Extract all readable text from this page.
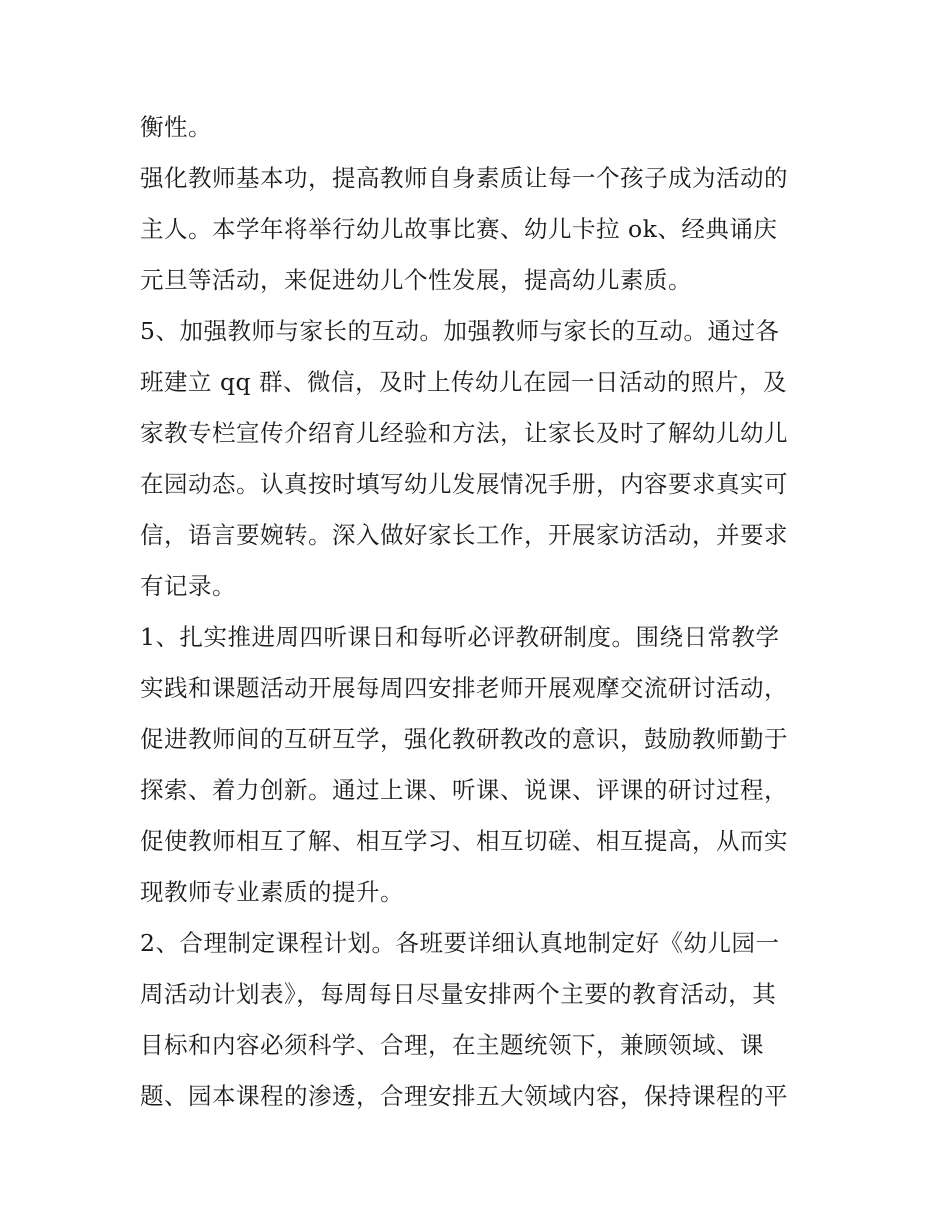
衡性。
强化教师基本功，提高教师自身素质让每一个孩子成为活动的
主人。本学年将举行幼儿故事比赛、幼儿卡拉 ok、经典诵庆
元旦等活动，来促进幼儿个性发展，提高幼儿素质。
5、加强教师与家长的互动。加强教师与家长的互动。通过各
班建立 qq 群、微信，及时上传幼儿在园一日活动的照片，及
家教专栏宣传介绍育儿经验和方法，让家长及时了解幼儿幼儿
在园动态。认真按时填写幼儿发展情况手册，内容要求真实可
信，语言要婉转。深入做好家长工作，开展家访活动，并要求
有记录。
1、扎实推进周四听课日和每听必评教研制度。围绕日常教学
实践和课题活动开展每周四安排老师开展观摩交流研讨活动，
促进教师间的互研互学，强化教研教改的意识，鼓励教师勤于
探索、着力创新。通过上课、听课、说课、评课的研讨过程，
促使教师相互了解、相互学习、相互切磋、相互提高，从而实
现教师专业素质的提升。
2、合理制定课程计划。各班要详细认真地制定好《幼儿园一
周活动计划表》，每周每日尽量安排两个主要的教育活动，其
目标和内容必须科学、合理，在主题统领下，兼顾领域、课
题、园本课程的渗透，合理安排五大领域内容，保持课程的平
